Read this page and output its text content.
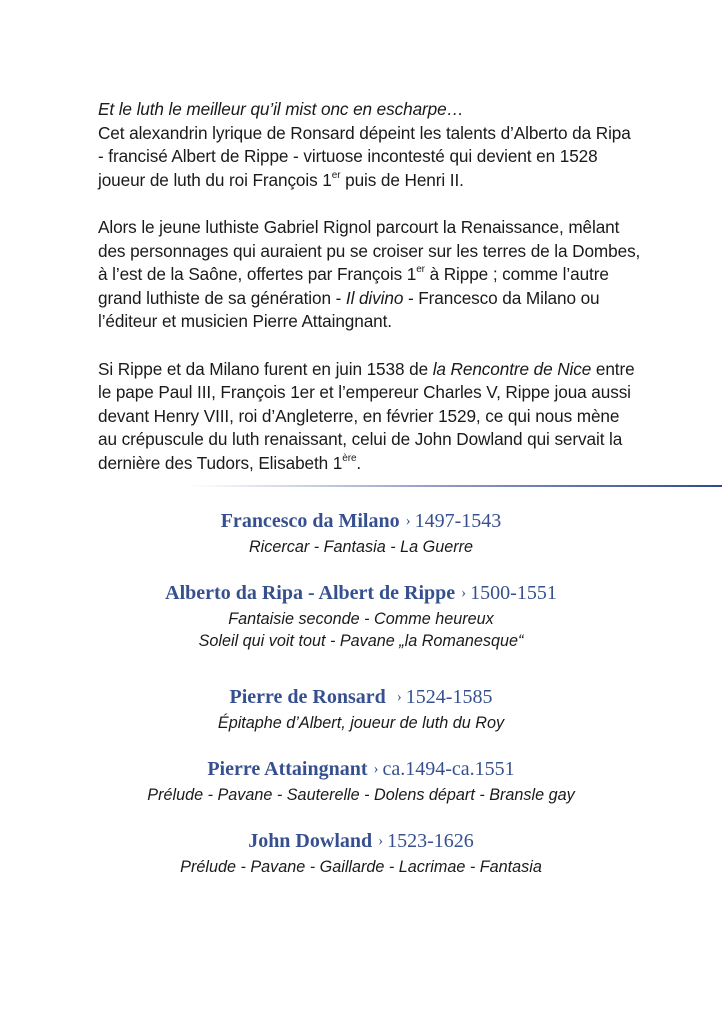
Et le luth le meilleur qu’il mist onc en escharpe…
Cet alexandrin lyrique de Ronsard dépeint les talents d’Alberto da Ripa
- francisé Albert de Rippe - virtuose incontesté qui devient en 1528
joueur de luth du roi François 1er puis de Henri II.

Alors le jeune luthiste Gabriel Rignol parcourt la Renaissance, mêlant
des personnages qui auraient pu se croiser sur les terres de la Dombes,
à l’est de la Saône, offertes par François 1er à Rippe ; comme l’autre
grand luthiste de sa génération - Il divino - Francesco da Milano ou
l’éditeur et musicien Pierre Attaingnant.

Si Rippe et da Milano furent en juin 1538 de la Rencontre de Nice entre
le pape Paul III, François 1er et l’empereur Charles V, Rippe joua aussi
devant Henry VIII, roi d’Angleterre, en février 1529, ce qui nous mène
au crépuscule du luth renaissant, celui de John Dowland qui servait la
dernière des Tudors, Elisabeth 1ère.

Francesco da Milano › 1497-1543
Ricercar - Fantasia - La Guerre
Alberto da Ripa - Albert de Rippe › 1500-1551
Fantaisie seconde - Comme heureux
Soleil qui voit tout - Pavane „la Romanesque“
Pierre de Ronsard › 1524-1585
Épitaphe d’Albert, joueur de luth du Roy
Pierre Attaingnant › ca.1494-ca.1551
Prélude - Pavane - Sauterelle - Dolens départ - Bransle gay
John Dowland › 1523-1626
Prélude - Pavane - Gaillarde - Lacrimae - Fantasia
